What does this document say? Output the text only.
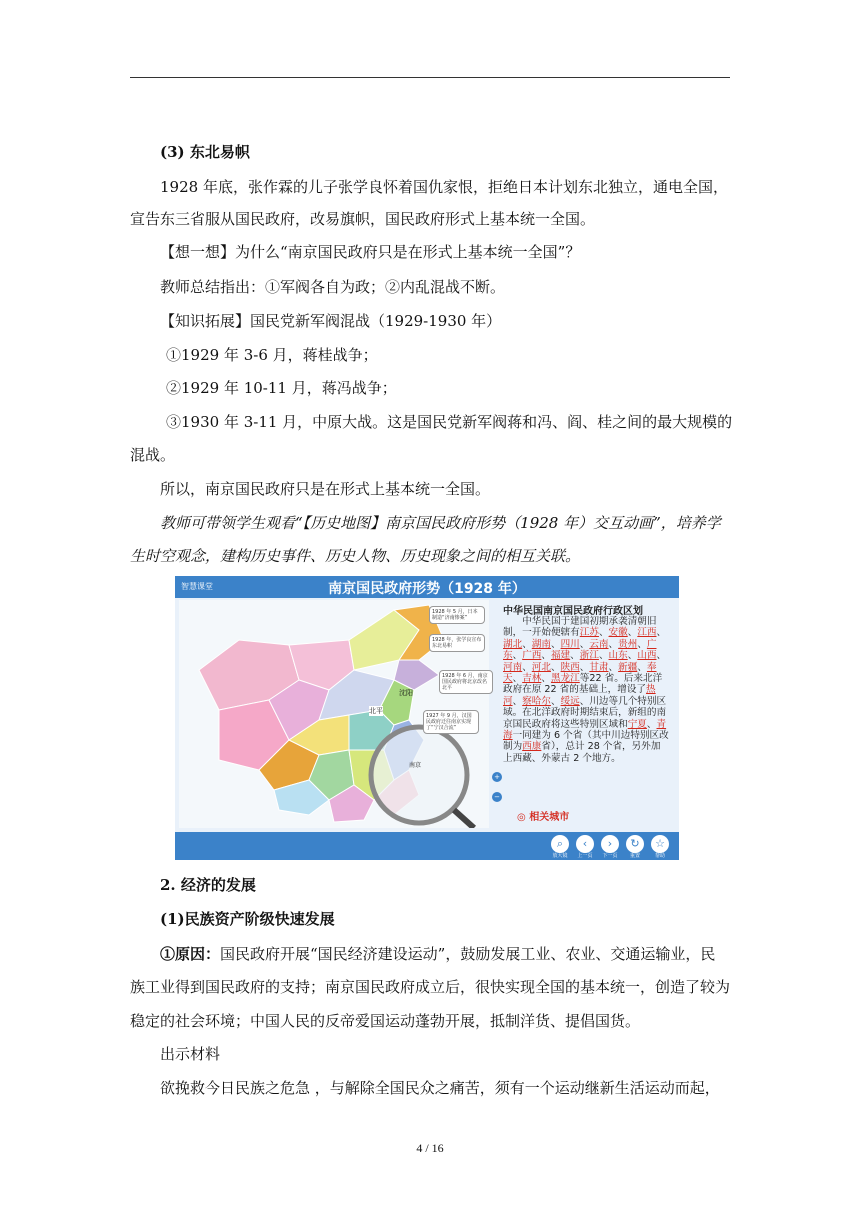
(3) 东北易帜
1928 年底，张作霖的儿子张学良怀着国仇家恨，拒绝日本计划东北独立，通电全国，
宣告东三省服从国民政府，改易旗帜，国民政府形式上基本统一全国。
【想一想】为什么“南京国民政府只是在形式上基本统一全国”？
教师总结指出：①军阀各自为政；②内乱混战不断。
【知识拓展】国民党新军阀混战（1929-1930 年）
①1929 年 3-6 月，蒋桂战争；
②1929 年 10-11 月，蒋冯战争；
③1930 年 3-11 月，中原大战。这是国民党新军阀蒋和冯、阎、桂之间的最大规模的
混战。
所以，南京国民政府只是在形式上基本统一全国。
教师可带领学生观看“【历史地图】南京国民政府形势（1928 年）交互动画”，培养学
生时空观念，建构历史事件、历史人物、历史现象之间的相互关联。
智慧课堂	南京国民政府形势（1928 年）
1928 年 5 月，日本制造“济南惨案”
1928 年，张学良宣布东北易帜
1928 年 6 月，南京国民政府将北京改名北平
1927 年 9 月，汉国民政府迁往南京实现了“宁汉合流”
沈阳
北平
南京
+
−
中华民国南京国民政府行政区划
中华民国于建国初期承袭清朝旧制，一开始便辖有江苏、安徽、江西、湖北、湖南、四川、云南、贵州、广东、广西、福建、浙江、山东、山西、河南、河北、陕西、甘肃、新疆、奉天、吉林、黑龙江等22 省。后来北洋政府在原 22 省的基础上，增设了热河、察哈尔、绥远、川边等几个特别区域。在北洋政府时期结束后，新组的南京国民政府将这些特别区域和宁夏、青海一同建为 6 个省（其中川边特别区改制为西康省），总计 28 个省，另外加上西藏、外蒙古 2 个地方。
◎ 相关城市
⌕	‹	›	↻	☆
放大镜	上一页	下一页	重置	帮助
2. 经济的发展
(1)民族资产阶级快速发展
①原因：国民政府开展“国民经济建设运动”，鼓励发展工业、农业、交通运输业，民
族工业得到国民政府的支持；南京国民政府成立后，很快实现全国的基本统一，创造了较为
稳定的社会环境；中国人民的反帝爱国运动蓬勃开展，抵制洋货、提倡国货。
出示材料
欲挽救今日民族之危急 ，与解除全国民众之痛苦，须有一个运动继新生活运动而起，
4 / 16
